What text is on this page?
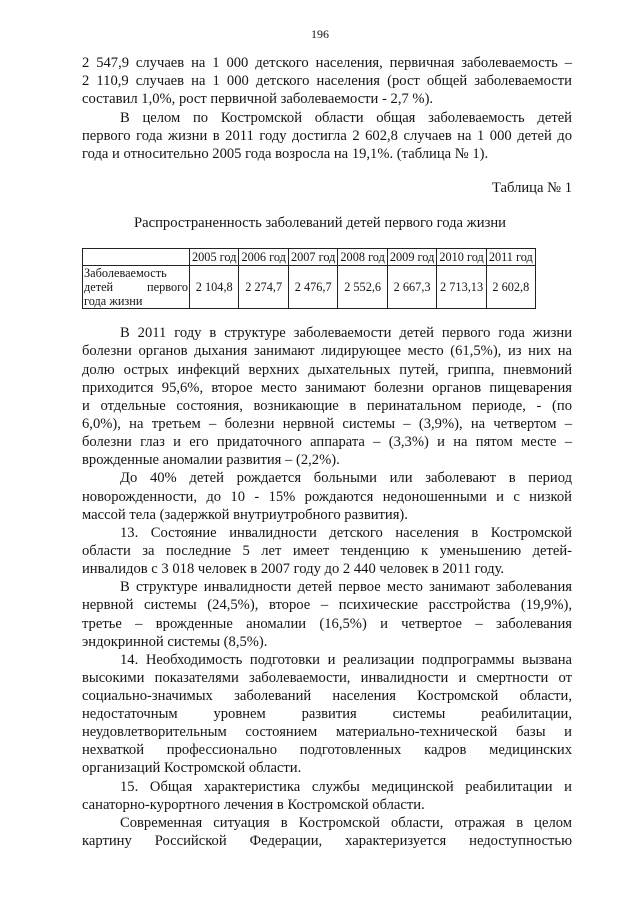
196
2 547,9 случаев на 1 000 детского населения, первичная заболеваемость –
2 110,9 случаев на 1 000 детского населения (рост общей заболеваемости
составил 1,0%, рост первичной заболеваемости - 2,7 %).
В целом по Костромской области общая заболеваемость детей
первого года жизни в 2011 году достигла 2 602,8 случаев на 1 000 детей до
года и относительно 2005 года возросла на 19,1%. (таблица № 1).
Таблица № 1
Распространенность заболеваний детей первого года жизни
	2005 год	2006 год	2007 год	2008 год	2009 год	2010 год	2011 год

Заболеваемость
детей первого
года жизни	2 104,8	2 274,7	2 476,7	2 552,6	2 667,3	2 713,13	2 602,8
В 2011 году в структуре заболеваемости детей первого года жизни
болезни органов дыхания занимают лидирующее место (61,5%), из них на
долю острых инфекций верхних дыхательных путей, гриппа, пневмоний
приходится 95,6%, второе место занимают болезни органов пищеварения
и отдельные состояния, возникающие в перинатальном периоде, - (по
6,0%), на третьем – болезни нервной системы – (3,9%), на четвертом –
болезни глаз и его придаточного аппарата – (3,3%) и на пятом месте –
врожденные аномалии развития – (2,2%).
До 40% детей рождается больными или заболевают в период
новорожденности, до 10 - 15% рождаются недоношенными и с низкой
массой тела (задержкой внутриутробного развития).
13. Состояние инвалидности детского населения в Костромской
области за последние 5 лет имеет тенденцию к уменьшению детей-
инвалидов с 3 018 человек в 2007 году до 2 440 человек в 2011 году.
В структуре инвалидности детей первое место занимают заболевания
нервной системы (24,5%), второе – психические расстройства (19,9%),
третье – врожденные аномалии (16,5%) и четвертое – заболевания
эндокринной системы (8,5%).
14. Необходимость подготовки и реализации подпрограммы вызвана
высокими показателями заболеваемости, инвалидности и смертности от
социально-значимых заболеваний населения Костромской области,
недостаточным уровнем развития системы реабилитации,
неудовлетворительным состоянием материально-технической базы и
нехваткой профессионально подготовленных кадров медицинских
организаций Костромской области.
15. Общая характеристика службы медицинской реабилитации и
санаторно-курортного лечения в Костромской области.
Современная ситуация в Костромской области, отражая в целом
картину Российской Федерации, характеризуется недоступностью
